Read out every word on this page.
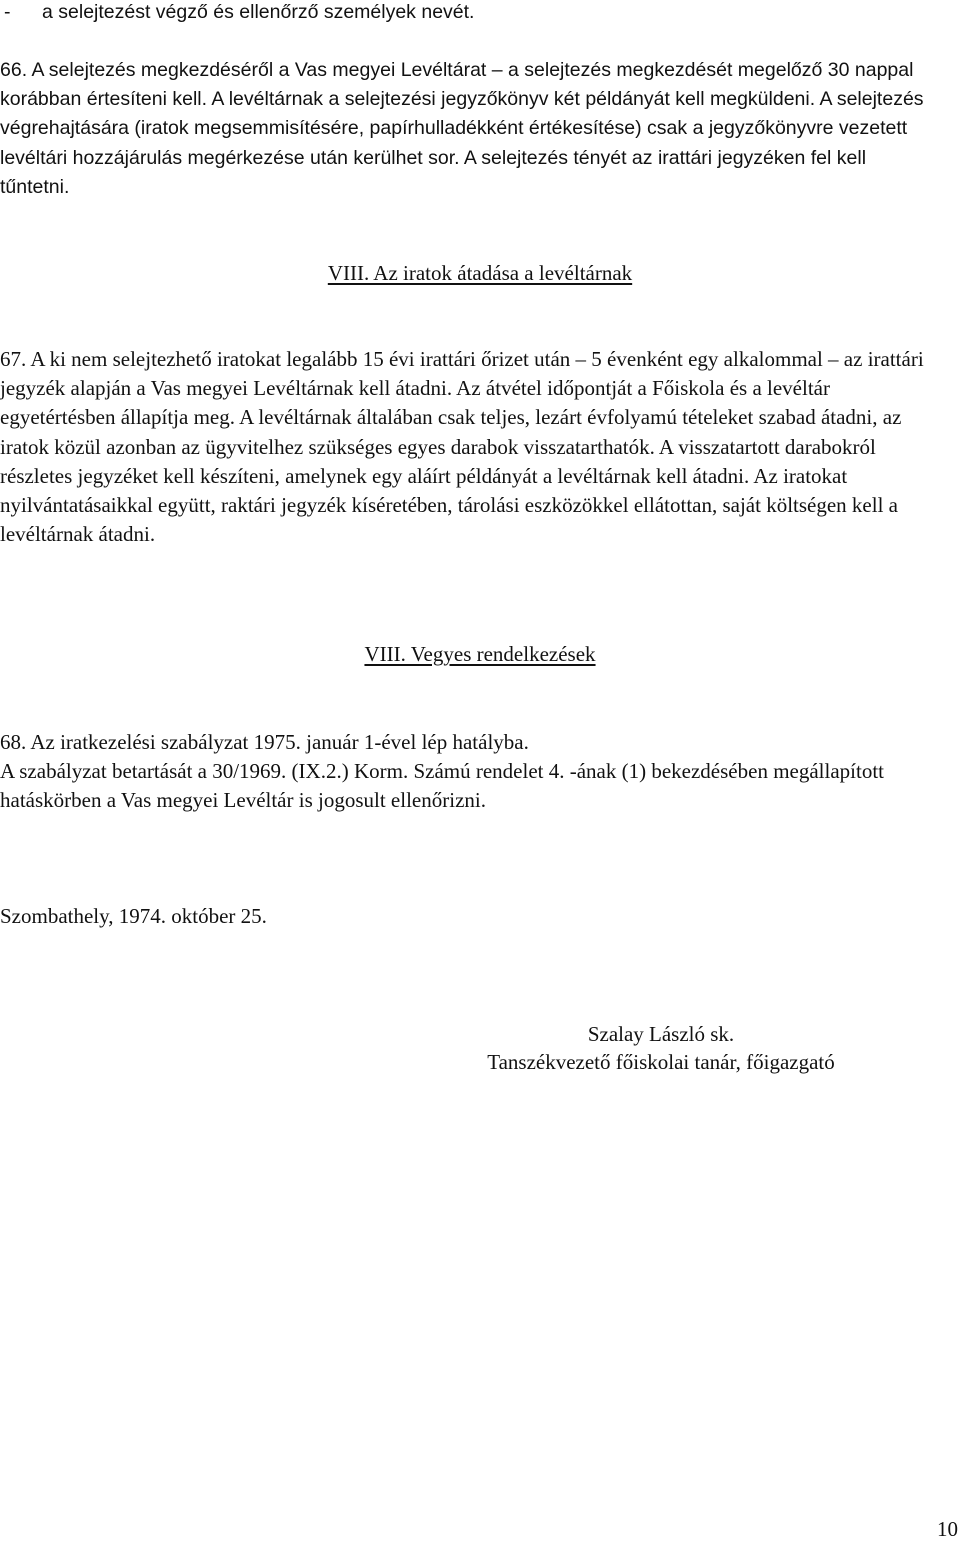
- a selejtezést végző és ellenőrző személyek nevét.

66. A selejtezés megkezdéséről a Vas megyei Levéltárat – a selejtezés megkezdését megelőző 30 nappal korábban értesíteni kell. A levéltárnak a selejtezési jegyzőkönyv két példányát kell megküldeni. A selejtezés végrehajtására (iratok megsemmisítésére, papírhulladékként értékesítése) csak a jegyzőkönyvre vezetett levéltári hozzájárulás megérkezése után kerülhet sor. A selejtezés tényét az irattári jegyzéken fel kell tűntetni.

VIII. Az iratok átadása a levéltárnak

67. A ki nem selejtezhető iratokat legalább 15 évi irattári őrizet után – 5 évenként egy alkalommal – az irattári jegyzék alapján a Vas megyei Levéltárnak kell átadni. Az átvétel időpontját a Főiskola és a levéltár egyetértésben állapítja meg. A levéltárnak általában csak teljes, lezárt évfolyamú tételeket szabad átadni, az iratok közül azonban az ügyvitelhez szükséges egyes darabok visszatarthatók. A visszatartott darabokról részletes jegyzéket kell készíteni, amelynek egy aláírt példányát a levéltárnak kell átadni. Az iratokat nyilvántatásaikkal együtt, raktári jegyzék kíséretében, tárolási eszközökkel ellátottan, saját költségen kell a levéltárnak átadni.

VIII. Vegyes rendelkezések

68. Az iratkezelési szabályzat 1975. január 1-ével lép hatályba.

A szabályzat betartását a 30/1969. (IX.2.) Korm. Számú rendelet 4. -ának (1) bekezdésében megállapított hatáskörben a Vas megyei Levéltár is jogosult ellenőrizni.

Szombathely, 1974. október 25.

Szalay László sk.

Tanszékvezető főiskolai tanár, főigazgató

10
